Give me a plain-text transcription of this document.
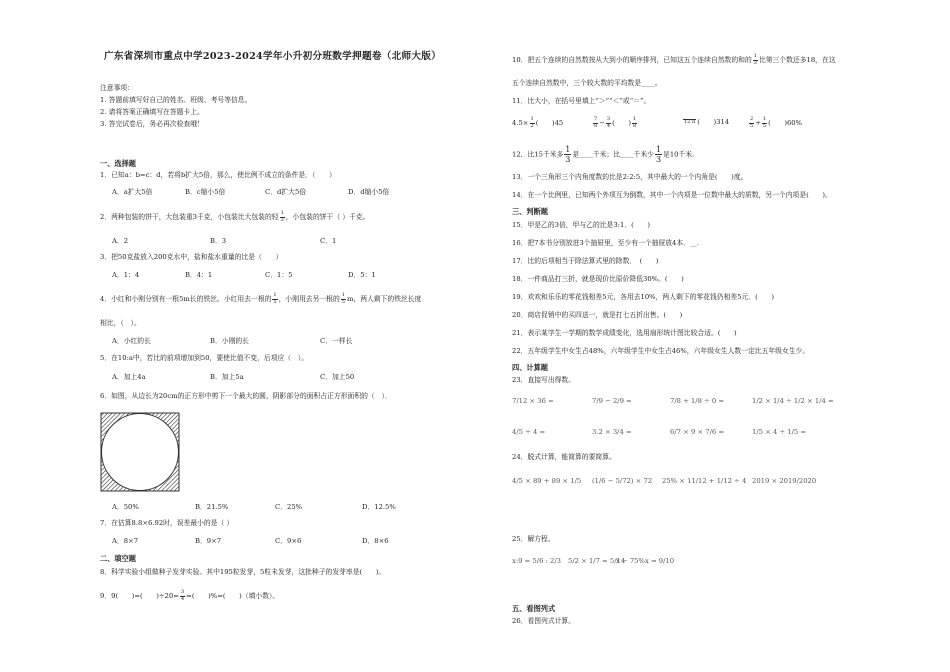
广东省深圳市重点中学2023-2024学年小升初分班数学押题卷（北师大版）
注意事项：
1. 答题前填写好自己的姓名、班级、考号等信息。
2. 请将答案正确填写在答题卡上。
3. 答完试卷后，务必再次检查哦！
一、选择题
1．已知a：b=c：d，若将b扩大5倍，那么，使比例不成立的条件是．（　　）
A．a扩大5倍	B．c缩小5倍	C．d扩大5倍	D．d缩小5倍
2．两种包装的饼干，大包装重3千克，小包装比大包装的轻 $\frac{1}{3}$ ，小包装的饼干（ ）千克。
A．2	B．3	C．1
3．把50克盐放入200克水中，盐和盐水重量的比是（　　）
A．1：4	B．4：1	C．1：5	D．5：1
4．小红和小刚分别有一根5m长的铁丝。小红用去一根的 $\frac{1}{5}$ ，小刚用去另一根的 $\frac{1}{5}$ m，两人剩下的铁丝长度
相比，（　）。
A．小红的长	B．小刚的长	C．一样长
5．在10:a中，若比的前项增加到50，要使比值不变，后项应（　）。
A．加上4a	B．加上5a	C．加上50
6．如图，从边长为20cm的正方形中剪下一个最大的圆，阴影部分的面积占正方形面积的（　）．
A．50%	B．21.5%	C．25%	D．12.5%
7．在估算8.8×6.92时，误差最小的是（ ）
A．8×7	B．9×7	C．9×6	D．8×6
二、填空题
8．科学实验小组做种子发芽实验。其中195粒发芽，5粒未发芽，这批种子的发芽率是(　　)。
9．9(　　)=(　　)$\div 20= \frac{3}{4}$ =(　　)%=(　　)（填小数）。
10．把五个连续的自然数按从大到小的顺序排列，已知这五个连续自然数的和的 $\frac{1}{3}$ 比第三个数还多18，在这
五个连续自然数中，三个较大数的平均数是____。
11．比大小，在括号里填上“＞”“＜”或“＝”。
$4.5\times \frac{1}{2}$ (　　)45	$\frac{7}{8} - \frac{3}{4}$ (　　) $\frac{1}{8}$	12 π (　　)314	$\frac{2}{5} + \frac{1}{5}$ (　　)60%
12．比15千米多 $\frac{1}{3}$ 是____千米；比____千米少 $\frac{1}{3}$ 是10千米.
13．一个三角形三个内角度数的比是2:2:5，其中最大的一个内角是(　　)度。
14．在一个比例里，已知两个外项互为倒数，其中一个内项是一位数中最大的质数，另一个内项是(　　)。
三、判断题
15．甲是乙的3倍，甲与乙的比是3:1．(　　)
16．把7本书分别放进3个抽屉里，至少有一个抽屉放4本．__.
17．比的后项相当于除法算式里的除数．　(　　)
18．一件商品打三折，就是现价比原价降低30%。(　　)
19．欢欢和乐乐的零花钱相差5元，各用去10%，两人剩下的零花钱仍相差5元．(　　)
20．商店促销中的买四送一，就是打七五折出售。(　　)
21．表示某学生一学期的数学成绩变化，选用扇形统计图比较合适。(　　)
22．五年级学生中女生占48%，六年级学生中女生占46%，六年级女生人数一定比五年级女生少。
四、计算题
23．直接写出得数。
7/12 × 36 =	7/9 − 2/9 =	7/8 + 1/8 ÷ 0 =	1/2 × 1/4 ÷ 1/2 × 1/4 =
4/5 ÷ 4 =	3.2 × 3/4 =	6/7 × 9 × 7/6 =	1/5 × 4 ÷ 1/5 =
24．脱式计算，能简算的要简算。
4/5 × 89 + 89 × 1/5 (1/6 − 5/72) × 72 25% × 11/12 + 1/12 ÷ 4 2019 × 2019/2020
25．解方程。
x:9 = 5/6 : 2/3 5/2 × 1/7 = 5/14
x − 75%x = 9/10
五、看图列式
26．看图列式计算。
